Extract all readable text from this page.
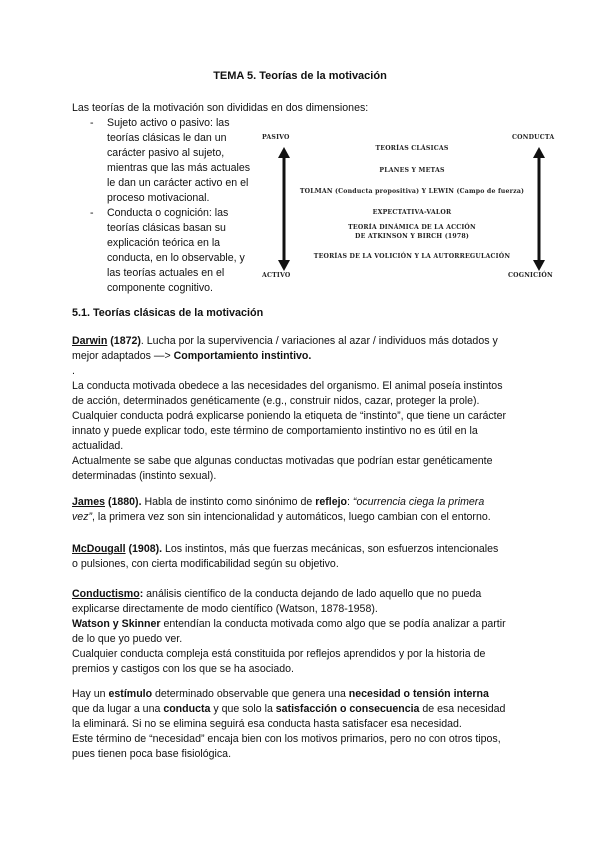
TEMA 5. Teorías de la motivación
Las teorías de la motivación son divididas en dos dimensiones:
- Sujeto activo o pasivo: las
teorías clásicas le dan un
carácter pasivo al sujeto,
mientras que las más actuales
le dan un carácter activo en el
proceso motivacional.
- Conducta o cognición: las
teorías clásicas basan su
explicación teórica en la
conducta, en lo observable, y
las teorías actuales en el
componente cognitivo.
PASIVO
ACTIVO
CONDUCTA
COGNICIÓN
TEORÍAS CLÁSICAS
PLANES Y METAS
TOLMAN (Conducta propositiva) Y LEWIN (Campo de fuerza)
EXPECTATIVA-VALOR
TEORÍA DINÁMICA DE LA ACCIÓN
DE ATKINSON Y BIRCH (1978)
TEORÍAS DE LA VOLICIÓN Y LA AUTORREGULACIÓN
5.1. Teorías clásicas de la motivación
Darwin (1872). Lucha por la supervivencia / variaciones al azar / individuos más dotados y
mejor adaptados —> Comportamiento instintivo.
.
La conducta motivada obedece a las necesidades del organismo. El animal poseía instintos
de acción, determinados genéticamente (e.g., construir nidos, cazar, proteger la prole).
Cualquier conducta podrá explicarse poniendo la etiqueta de “instinto”, que tiene un carácter
innato y puede explicar todo, este término de comportamiento instintivo no es útil en la
actualidad.
Actualmente se sabe que algunas conductas motivadas que podrían estar genéticamente
determinadas (instinto sexual).
James (1880). Habla de instinto como sinónimo de reflejo: “ocurrencia ciega la primera
vez”, la primera vez son sin intencionalidad y automáticos, luego cambian con el entorno.
McDougall (1908). Los instintos, más que fuerzas mecánicas, son esfuerzos intencionales
o pulsiones, con cierta modificabilidad según su objetivo.
Conductismo: análisis científico de la conducta dejando de lado aquello que no pueda
explicarse directamente de modo científico (Watson, 1878-1958).
Watson y Skinner entendían la conducta motivada como algo que se podía analizar a partir
de lo que yo puedo ver.
Cualquier conducta compleja está constituida por reflejos aprendidos y por la historia de
premios y castigos con los que se ha asociado.
Hay un estímulo determinado observable que genera una necesidad o tensión interna
que da lugar a una conducta y que solo la satisfacción o consecuencia de esa necesidad
la eliminará. Si no se elimina seguirá esa conducta hasta satisfacer esa necesidad.
Este término de “necesidad” encaja bien con los motivos primarios, pero no con otros tipos,
pues tienen poca base fisiológica.
